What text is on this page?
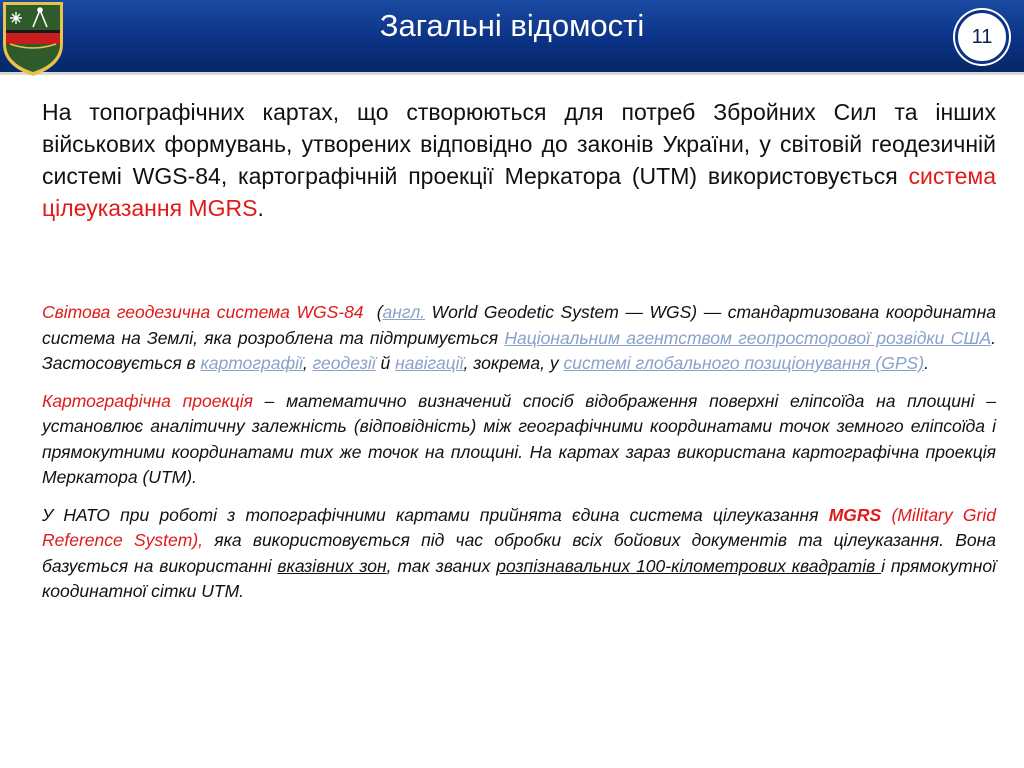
Загальні відомості	11

На топографічних картах, що створюються для потреб Збройних Сил та інших військових формувань, утворених відповідно до законів України, у світовій геодезичній системі WGS-84, картографічній проекції Меркатора (UTM) використовується система цілеуказання MGRS.

Світова геодезична система WGS-84 (англ. World Geodetic System — WGS) — стандартизована координатна система на Землі, яка розроблена та підтримується Національним агентством геопросторової розвідки США. Застосовується в картографії, геодезії й навігації, зокрема, у системі глобального позиціонування (GPS).

Картографічна проекція – математично визначений спосіб відображення поверхні еліпсоїда на площині – установлює аналітичну залежність (відповідність) між географічними координатами точок земного еліпсоїда і прямокутними координатами тих же точок на площині. На картах зараз використана картографічна проекція Меркатора (UTM).

У НАТО при роботі з топографічними картами прийнята єдина система цілеуказання MGRS (Military Grid Reference System), яка використовується під час обробки всіх бойових документів та цілеуказання. Вона базується на використанні вказівних зон, так званих розпізнавальних 100-кілометрових квадратів і прямокутної коодинатної сітки UTM.
